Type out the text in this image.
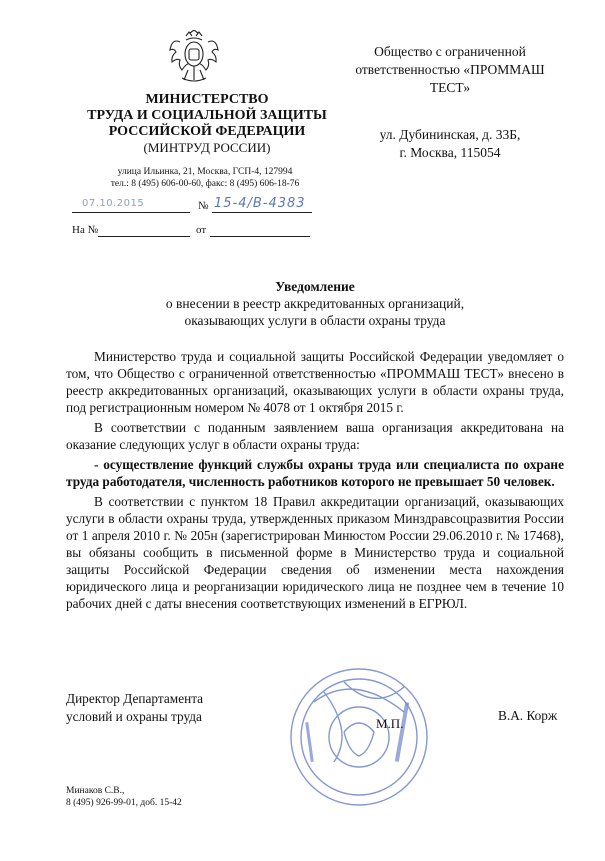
МИНИСТЕРСТВО
ТРУДА И СОЦИАЛЬНОЙ ЗАЩИТЫ
РОССИЙСКОЙ ФЕДЕРАЦИИ
(МИНТРУД РОССИИ)
улица Ильинка, 21, Москва, ГСП-4, 127994
тел.: 8 (495) 606-00-60, факс: 8 (495) 606-18-76
07.10.2015	№ 15-4/В-4383
На №	от
Общество с ограниченной
ответственностью «ПРОММАШ
ТЕСТ»
ул. Дубининская, д. 33Б,
г. Москва, 115054
Уведомление
о внесении в реестр аккредитованных организаций,
оказывающих услуги в области охраны труда

Министерство труда и социальной защиты Российской Федерации уведомляет о том, что Общество с ограниченной ответственностью «ПРОММАШ ТЕСТ» внесено в реестр аккредитованных организаций, оказывающих услуги в области охраны труда, под регистрационным номером № 4078 от 1 октября 2015 г.

В соответствии с поданным заявлением ваша организация аккредитована на оказание следующих услуг в области охраны труда:

- осуществление функций службы охраны труда или специалиста по охране труда работодателя, численность работников которого не превышает 50 человек.

В соответствии с пунктом 18 Правил аккредитации организаций, оказывающих услуги в области охраны труда, утвержденных приказом Минздравсоцразвития России от 1 апреля 2010 г. № 205н (зарегистрирован Минюстом России 29.06.2010 г. № 17468), вы обязаны сообщить в письменной форме в Министерство труда и социальной защиты Российской Федерации сведения об изменении места нахождения юридического лица и реорганизации юридического лица не позднее чем в течение 10 рабочих дней с даты внесения соответствующих изменений в ЕГРЮЛ.

М.П.
Директор Департамента
условий и охраны труда	В.А. Корж
Минаков С.В.,
8 (495) 926-99-01, доб. 15-42
